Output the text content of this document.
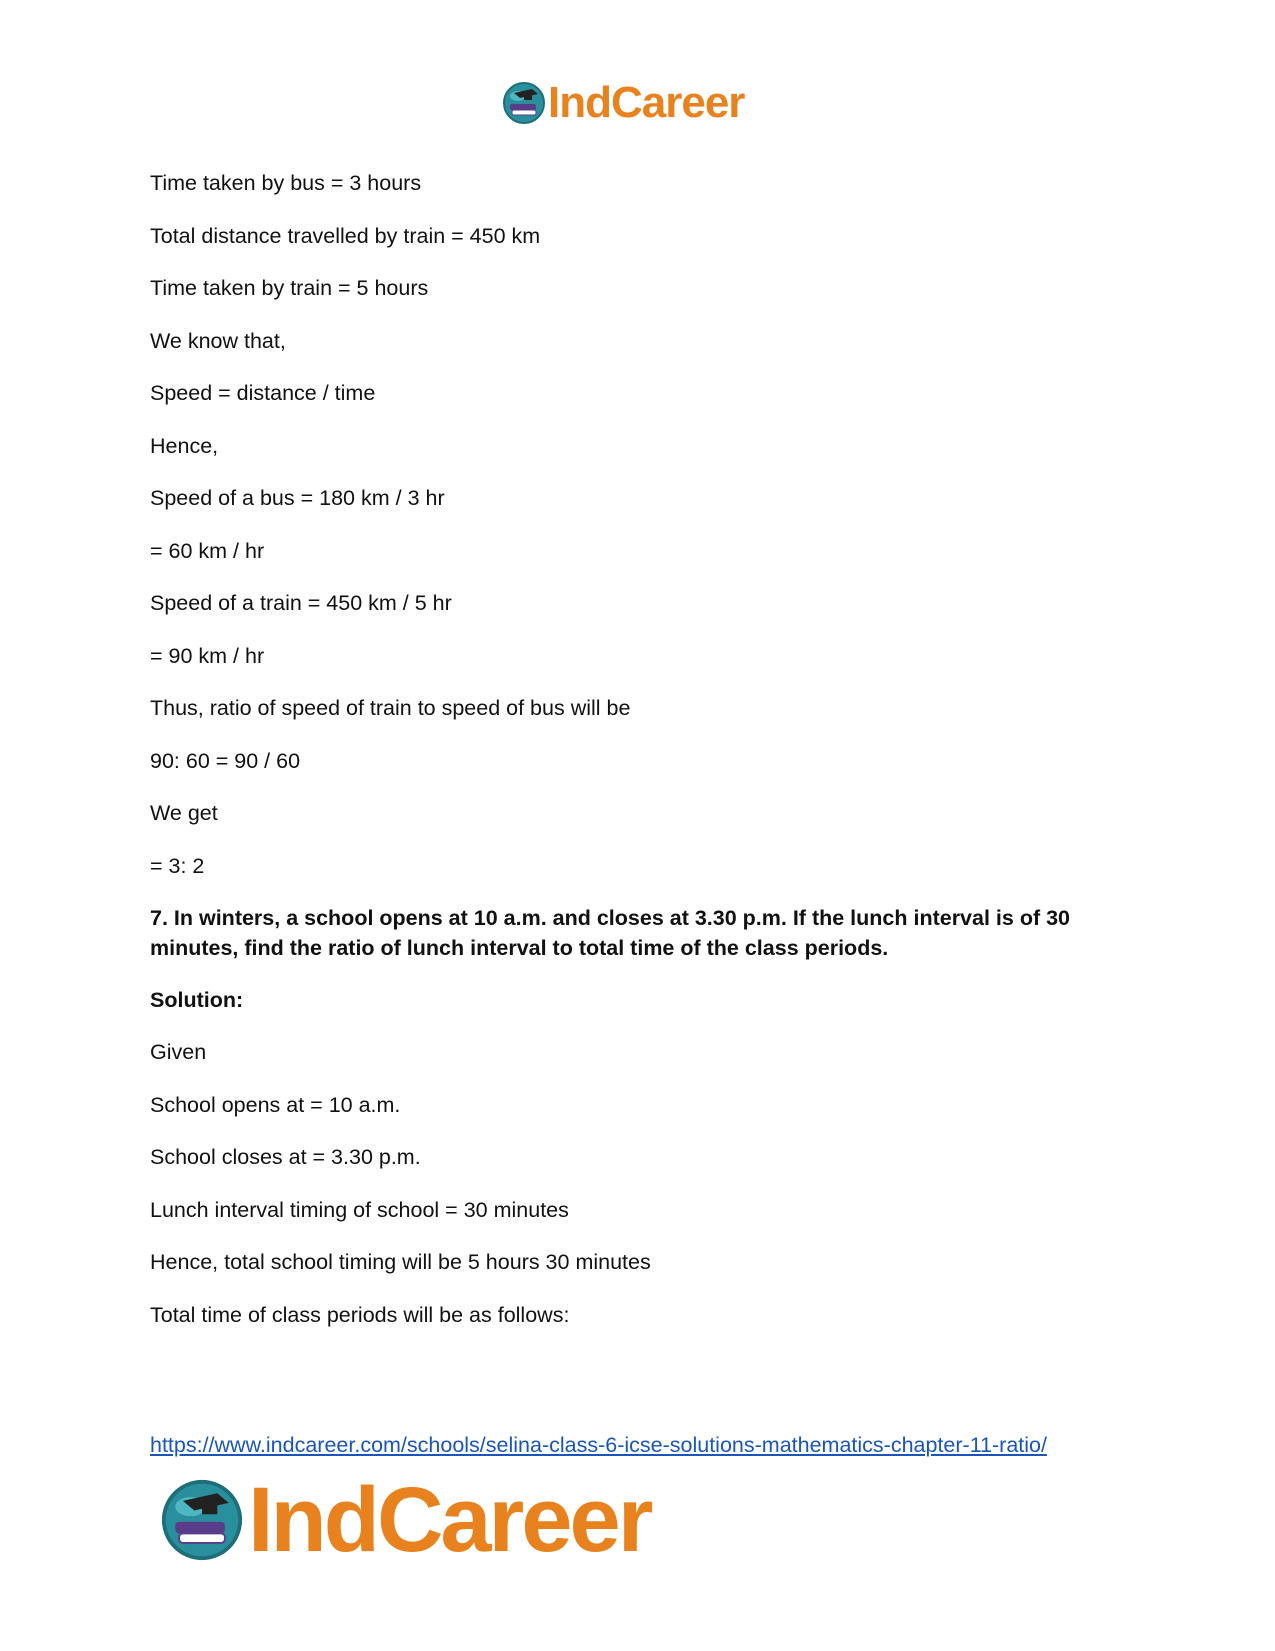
IndCareer
Time taken by bus = 3 hours
Total distance travelled by train = 450 km
Time taken by train = 5 hours
We know that,
Speed = distance / time
Hence,
Speed of a bus = 180 km / 3 hr
= 60 km / hr
Speed of a train = 450 km / 5 hr
= 90 km / hr
Thus, ratio of speed of train to speed of bus will be
90: 60 = 90 / 60
We get
= 3: 2
7. In winters, a school opens at 10 a.m. and closes at 3.30 p.m. If the lunch interval is of 30 minutes, find the ratio of lunch interval to total time of the class periods.
Solution:
Given
School opens at = 10 a.m.
School closes at = 3.30 p.m.
Lunch interval timing of school = 30 minutes
Hence, total school timing will be 5 hours 30 minutes
Total time of class periods will be as follows:
https://www.indcareer.com/schools/selina-class-6-icse-solutions-mathematics-chapter-11-ratio/
IndCareer
